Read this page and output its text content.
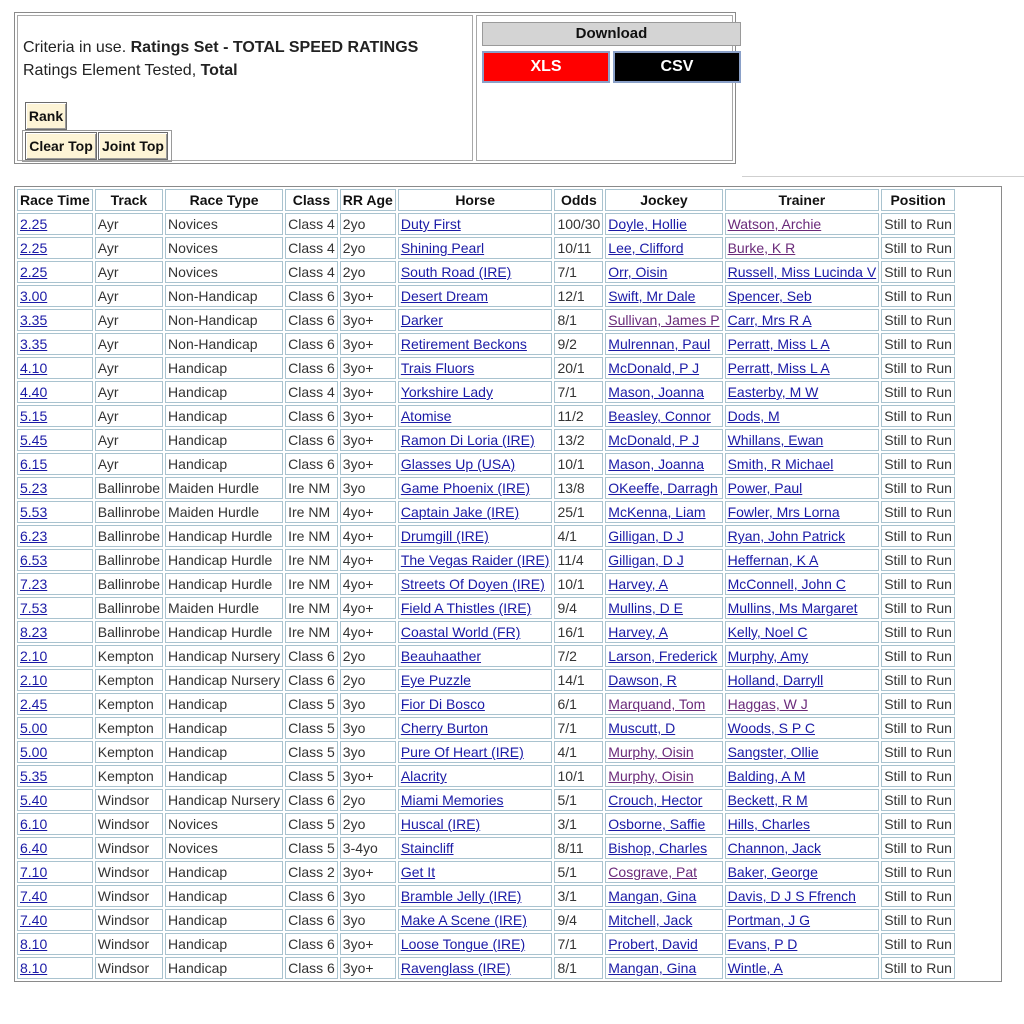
Criteria in use. Ratings Set - TOTAL SPEED RATINGS
Ratings Element Tested, Total
Rank
Clear Top Joint Top
Download
XLS	CSV
Race Time	Track	Race Type	Class	RR Age	Horse	Odds	Jockey	Trainer	Position
2.25	Ayr	Novices	Class 4	2yo	Duty First	100/30	Doyle, Hollie	Watson, Archie	Still to Run
2.25	Ayr	Novices	Class 4	2yo	Shining Pearl	10/11	Lee, Clifford	Burke, K R	Still to Run
2.25	Ayr	Novices	Class 4	2yo	South Road (IRE)	7/1	Orr, Oisin	Russell, Miss Lucinda V	Still to Run
3.00	Ayr	Non-Handicap	Class 6	3yo+	Desert Dream	12/1	Swift, Mr Dale	Spencer, Seb	Still to Run
3.35	Ayr	Non-Handicap	Class 6	3yo+	Darker	8/1	Sullivan, James P	Carr, Mrs R A	Still to Run
3.35	Ayr	Non-Handicap	Class 6	3yo+	Retirement Beckons	9/2	Mulrennan, Paul	Perratt, Miss L A	Still to Run
4.10	Ayr	Handicap	Class 6	3yo+	Trais Fluors	20/1	McDonald, P J	Perratt, Miss L A	Still to Run
4.40	Ayr	Handicap	Class 4	3yo+	Yorkshire Lady	7/1	Mason, Joanna	Easterby, M W	Still to Run
5.15	Ayr	Handicap	Class 6	3yo+	Atomise	11/2	Beasley, Connor	Dods, M	Still to Run
5.45	Ayr	Handicap	Class 6	3yo+	Ramon Di Loria (IRE)	13/2	McDonald, P J	Whillans, Ewan	Still to Run
6.15	Ayr	Handicap	Class 6	3yo+	Glasses Up (USA)	10/1	Mason, Joanna	Smith, R Michael	Still to Run
5.23	Ballinrobe	Maiden Hurdle	Ire NM	3yo	Game Phoenix (IRE)	13/8	OKeeffe, Darragh	Power, Paul	Still to Run
5.53	Ballinrobe	Maiden Hurdle	Ire NM	4yo+	Captain Jake (IRE)	25/1	McKenna, Liam	Fowler, Mrs Lorna	Still to Run
6.23	Ballinrobe	Handicap Hurdle	Ire NM	4yo+	Drumgill (IRE)	4/1	Gilligan, D J	Ryan, John Patrick	Still to Run
6.53	Ballinrobe	Handicap Hurdle	Ire NM	4yo+	The Vegas Raider (IRE)	11/4	Gilligan, D J	Heffernan, K A	Still to Run
7.23	Ballinrobe	Handicap Hurdle	Ire NM	4yo+	Streets Of Doyen (IRE)	10/1	Harvey, A	McConnell, John C	Still to Run
7.53	Ballinrobe	Maiden Hurdle	Ire NM	4yo+	Field A Thistles (IRE)	9/4	Mullins, D E	Mullins, Ms Margaret	Still to Run
8.23	Ballinrobe	Handicap Hurdle	Ire NM	4yo+	Coastal World (FR)	16/1	Harvey, A	Kelly, Noel C	Still to Run
2.10	Kempton	Handicap Nursery	Class 6	2yo	Beauhaather	7/2	Larson, Frederick	Murphy, Amy	Still to Run
2.10	Kempton	Handicap Nursery	Class 6	2yo	Eye Puzzle	14/1	Dawson, R	Holland, Darryll	Still to Run
2.45	Kempton	Handicap	Class 5	3yo	Fior Di Bosco	6/1	Marquand, Tom	Haggas, W J	Still to Run
5.00	Kempton	Handicap	Class 5	3yo	Cherry Burton	7/1	Muscutt, D	Woods, S P C	Still to Run
5.00	Kempton	Handicap	Class 5	3yo	Pure Of Heart (IRE)	4/1	Murphy, Oisin	Sangster, Ollie	Still to Run
5.35	Kempton	Handicap	Class 5	3yo+	Alacrity	10/1	Murphy, Oisin	Balding, A M	Still to Run
5.40	Windsor	Handicap Nursery	Class 6	2yo	Miami Memories	5/1	Crouch, Hector	Beckett, R M	Still to Run
6.10	Windsor	Novices	Class 5	2yo	Huscal (IRE)	3/1	Osborne, Saffie	Hills, Charles	Still to Run
6.40	Windsor	Novices	Class 5	3-4yo	Staincliff	8/11	Bishop, Charles	Channon, Jack	Still to Run
7.10	Windsor	Handicap	Class 2	3yo+	Get It	5/1	Cosgrave, Pat	Baker, George	Still to Run
7.40	Windsor	Handicap	Class 6	3yo	Bramble Jelly (IRE)	3/1	Mangan, Gina	Davis, D J S Ffrench	Still to Run
7.40	Windsor	Handicap	Class 6	3yo	Make A Scene (IRE)	9/4	Mitchell, Jack	Portman, J G	Still to Run
8.10	Windsor	Handicap	Class 6	3yo+	Loose Tongue (IRE)	7/1	Probert, David	Evans, P D	Still to Run
8.10	Windsor	Handicap	Class 6	3yo+	Ravenglass (IRE)	8/1	Mangan, Gina	Wintle, A	Still to Run
